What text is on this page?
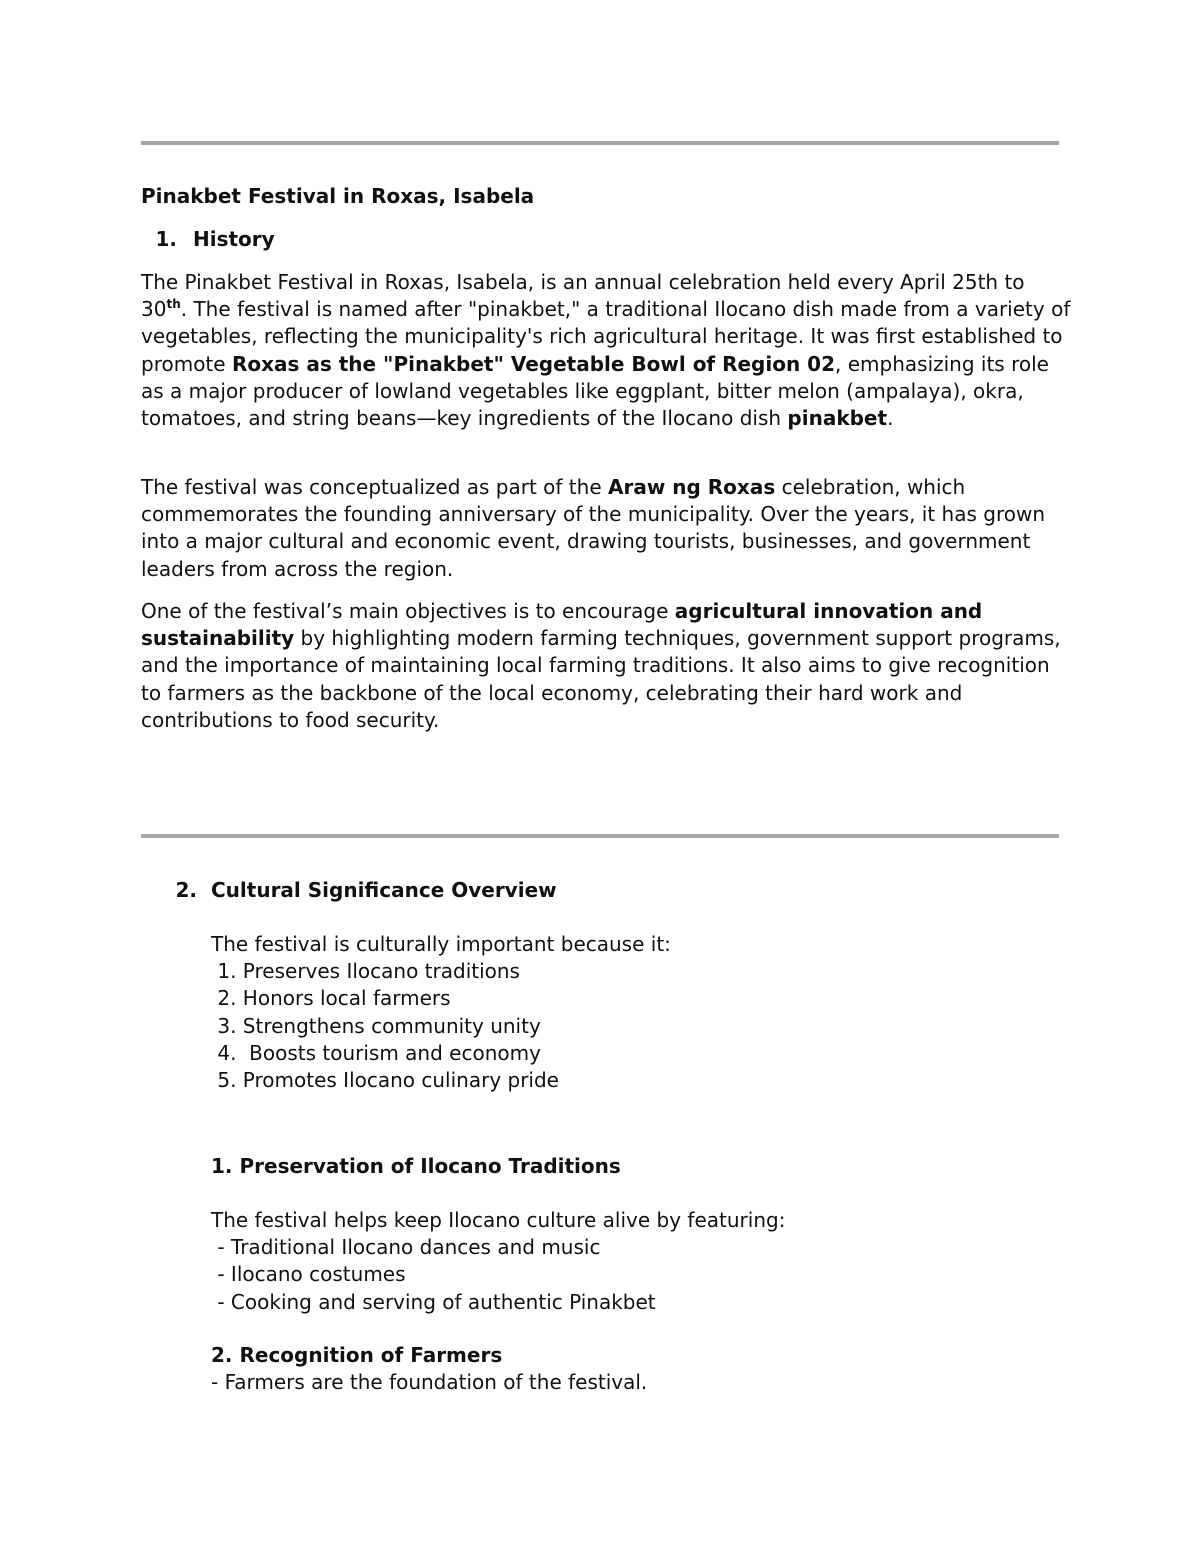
Pinakbet Festival in Roxas, Isabela

1. History

The Pinakbet Festival in Roxas, Isabela, is an annual celebration held every April 25th to 30th. The festival is named after "pinakbet," a traditional Ilocano dish made from a variety of vegetables, reflecting the municipality's rich agricultural heritage. It was first established to promote Roxas as the "Pinakbet" Vegetable Bowl of Region 02, emphasizing its role as a major producer of lowland vegetables like eggplant, bitter melon (ampalaya), okra, tomatoes, and string beans—key ingredients of the Ilocano dish pinakbet.

The festival was conceptualized as part of the Araw ng Roxas celebration, which commemorates the founding anniversary of the municipality. Over the years, it has grown into a major cultural and economic event, drawing tourists, businesses, and government leaders from across the region.

One of the festival’s main objectives is to encourage agricultural innovation and sustainability by highlighting modern farming techniques, government support programs, and the importance of maintaining local farming traditions. It also aims to give recognition to farmers as the backbone of the local economy, celebrating their hard work and contributions to food security.

2. Cultural Significance Overview

The festival is culturally important because it:

1. Preserves Ilocano traditions

2. Honors local farmers

3. Strengthens community unity

4.  Boosts tourism and economy

5. Promotes Ilocano culinary pride

1. Preservation of Ilocano Traditions

The festival helps keep Ilocano culture alive by featuring:

- Traditional Ilocano dances and music

- Ilocano costumes

- Cooking and serving of authentic Pinakbet

2. Recognition of Farmers

- Farmers are the foundation of the festival.
